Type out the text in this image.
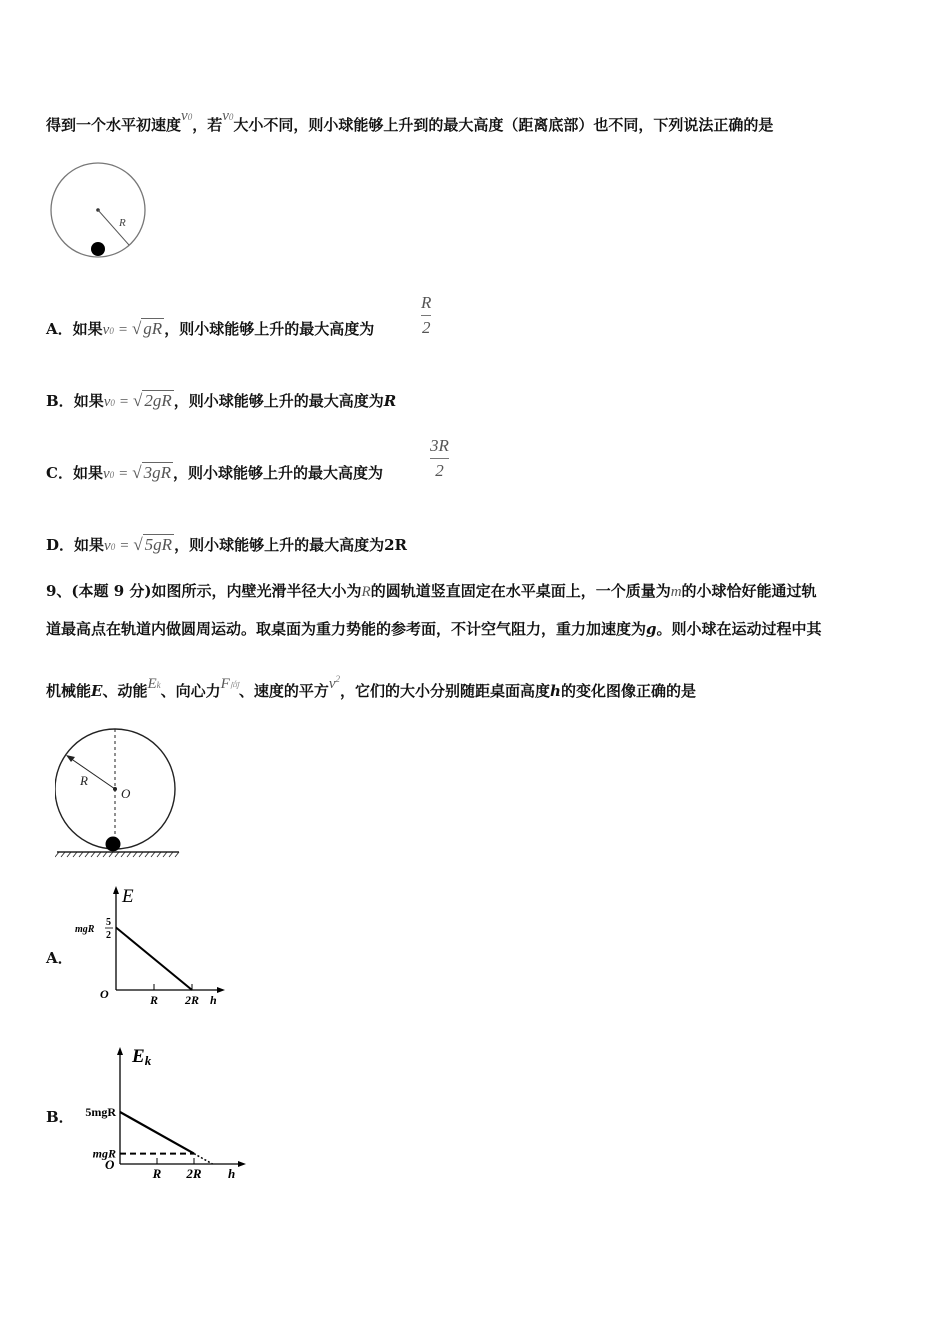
得到一个水平初速度v0，若v0大小不同，则小球能够上升到的最大高度（距离底部）也不同，下列说法正确的是
R
A．如果v0 = √ gR ，则小球能够上升的最大高度为
R
2
B．如果v0 = √ 2gR ，则小球能够上升的最大高度为R
C．如果v0 = √ 3gR ，则小球能够上升的最大高度为
3R
2
D．如果v0 = √ 5gR ，则小球能够上升的最大高度为2R
9、(本题 9 分)如图所示，内壁光滑半径大小为R的圆轨道竖直固定在水平桌面上，一个质量为m的小球恰好能通过轨
道最高点在轨道内做圆周运动。取桌面为重力势能的参考面，不计空气阻力，重力加速度为g。则小球在运动过程中其
机械能E、动能Ek、向心力F向、速度的平方$v^2$，它们的大小分别随距桌面高度h的变化图像正确的是
R
O
A．
E
5
2
mgR
O	R 2R h
B．
Ek
5mgR
mgR
O
R 2R h
